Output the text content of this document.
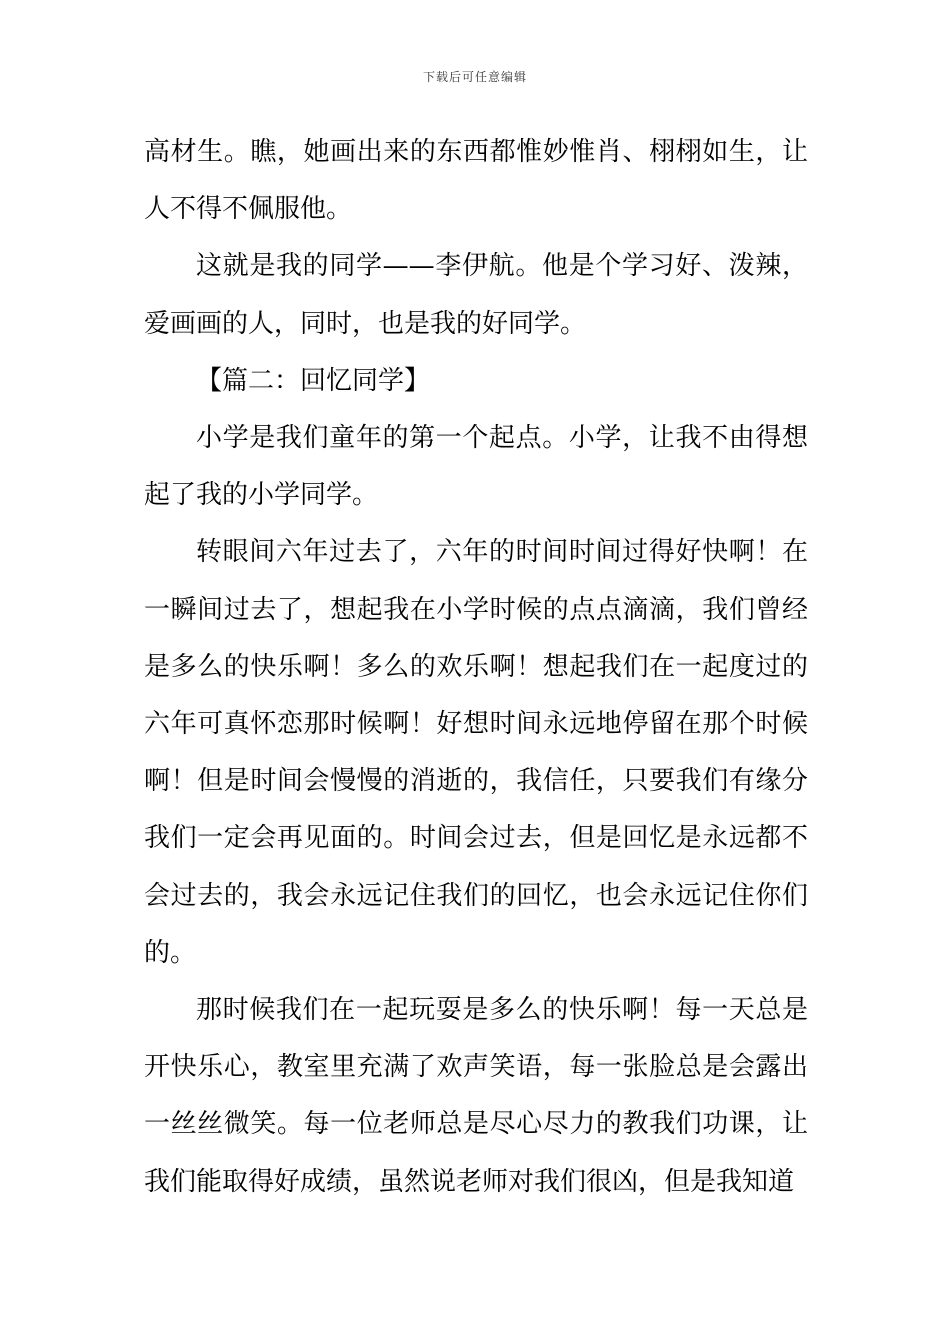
下载后可任意编辑

高材生。瞧，她画出来的东西都惟妙惟肖、栩栩如生，让人不得不佩服他。

这就是我的同学——李伊航。他是个学习好、泼辣，爱画画的人，同时，也是我的好同学。

【篇二：回忆同学】

小学是我们童年的第一个起点。小学，让我不由得想起了我的小学同学。

转眼间六年过去了，六年的时间时间过得好快啊！在一瞬间过去了，想起我在小学时候的点点滴滴，我们曾经是多么的快乐啊！多么的欢乐啊！想起我们在一起度过的六年可真怀恋那时候啊！好想时间永远地停留在那个时候啊！但是时间会慢慢的消逝的，我信任，只要我们有缘分我们一定会再见面的。时间会过去，但是回忆是永远都不会过去的，我会永远记住我们的回忆，也会永远记住你们的。

那时候我们在一起玩耍是多么的快乐啊！每一天总是开快乐心，教室里充满了欢声笑语，每一张脸总是会露出一丝丝微笑。每一位老师总是尽心尽力的教我们功课，让我们能取得好成绩，虽然说老师对我们很凶，但是我知道
